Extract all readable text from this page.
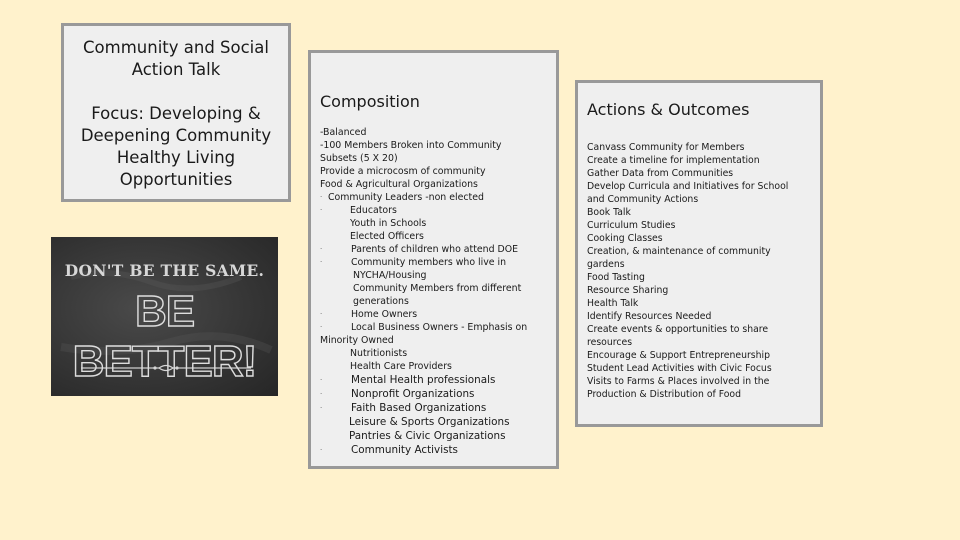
Community and Social
Action Talk
Focus: Developing &
Deepening Community
Healthy Living
Opportunities
DON'T BE THE SAME.
BE BETTER!
Composition
-Balanced
-100 Members Broken into Community
Subsets (5 X 20)
Provide a microcosm of community
Food & Agricultural Organizations
· Community Leaders -non elected
·	Educators
Youth in Schools
Elected Officers
·	Parents of children who attend DOE
·	Community members who live in
NYCHA/Housing
Community Members from different
generations
·	Home Owners
·	Local Business Owners - Emphasis on
Minority Owned
Nutritionists
Health Care Providers
·	Mental Health professionals
·	Nonprofit Organizations
·	Faith Based Organizations
Leisure & Sports Organizations
Pantries & Civic Organizations
·	Community Activists
Actions & Outcomes
Canvass Community for Members
Create a timeline for implementation
Gather Data from Communities
Develop Curricula and Initiatives for School
and Community Actions
Book Talk
Curriculum Studies
Cooking Classes
Creation, & maintenance of community
gardens
Food Tasting
Resource Sharing
Health Talk
Identify Resources Needed
Create events & opportunities to share
resources
Encourage & Support Entrepreneurship
Student Lead Activities with Civic Focus
Visits to Farms & Places involved in the
Production & Distribution of Food
